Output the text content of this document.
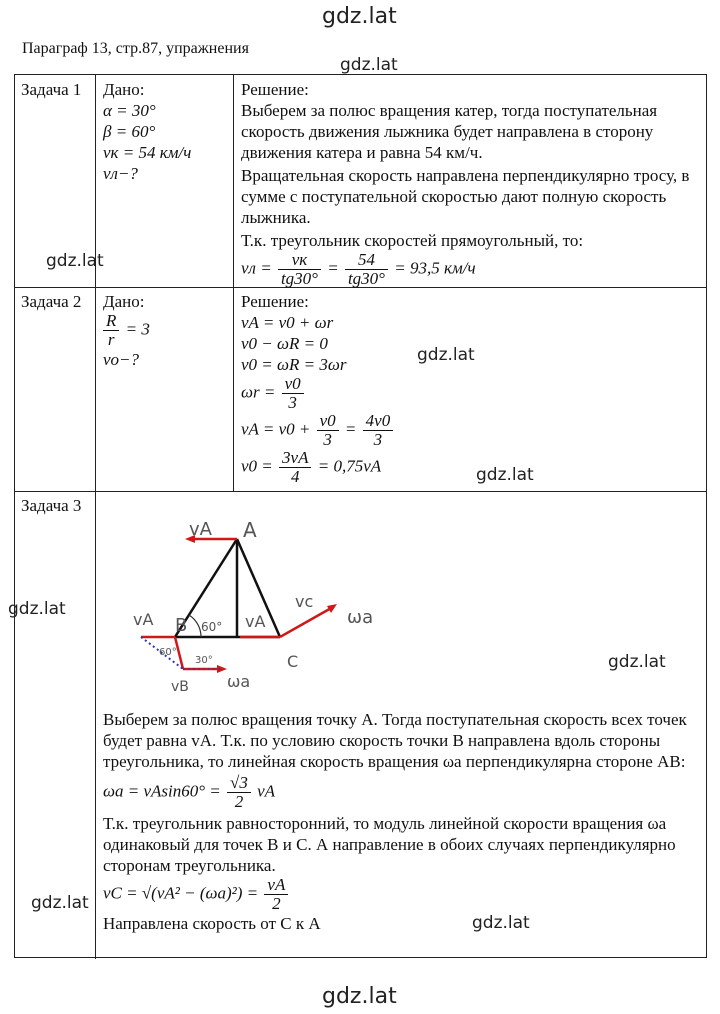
gdz.lat
gdz.lat
gdz.lat
gdz.lat
gdz.lat
gdz.lat
gdz.lat
gdz.lat
gdz.lat
gdz.lat
Параграф 13, стр.87, упражнения
Задача 1 Дано:
α = 30°
β = 60°
vк = 54 км/ч
vл−?
Решение:
Выберем за полюс вращения катер, тогда поступательная скорость движения лыжника будет направлена в сторону движения катера и равна 54 км/ч.
Вращательная скорость направлена перпендикулярно тросу, в сумме с поступательной скоростью дают полную скорость лыжника.
Т.к. треугольник скоростей прямоугольный, то:
vл = $\frac{vк}{tg30^\circ} = \frac{54}{tg30^\circ} = 93,5$ км/ч
Задача 2 Дано:
$\frac{R}{r} = 3$
vо−?
Решение:
vA = v0 + ωr
v0 − ωR = 0
v0 = ωR = 3ωr
$\omega r = \frac{v0}{3}$
vA = $v0 + \frac{v0}{3} = \frac{4v0}{3}$
$v0 = \frac{3vA}{4} = 0,75vA$
Задача 3
A
B
C
60°
60°
30°
vA
vA
vA
vc
ωa
ωa
vB
Выберем за полюс вращения точку А. Тогда поступательная скорость всех точек будет равна vA. Т.к. по условию скорость точки B направлена вдоль стороны треугольника, то линейная скорость вращения ωa перпендикулярна стороне AB:
$\omega a = vAsin60^\circ = \frac{√3}{2}$ vA
Т.к. треугольник равносторонний, то модуль линейной скорости вращения ωa одинаковый для точек B и C. А направление в обоих случаях перпендикулярно сторонам треугольника.
vC = $√(vA^2 - (\omega a)^2) = \frac{vA}{2}$
Направлена скорость от C к A
